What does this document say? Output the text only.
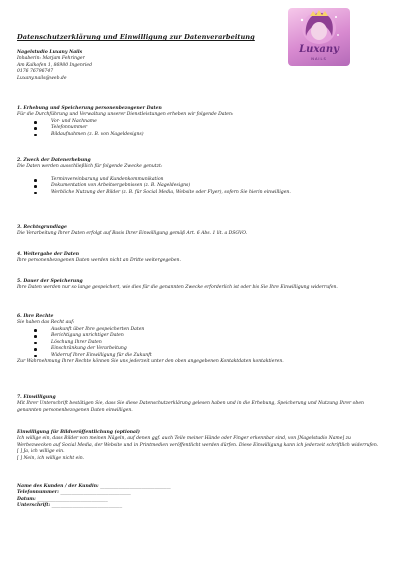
Datenschutzerklärung und Einwilligung zur Datenverarbeitung
Luxany
NAILS

Nagelstudio Luxany Nails

Inhaberin: Marjam Fehringer

Am Kalkofen 1, 86980 Ingenried

0176 76796747

Luxany.nails@web.de

1. Erhebung und Speicherung personenbezogener Daten

Für die Durchführung und Verwaltung unserer Dienstleistungen erheben wir folgende Daten:

Vor- und Nachname

Telefonnummer

Bildaufnahmen (z. B. von Nageldesigns)

2. Zweck der Datenerhebung

Die Daten werden ausschließlich für folgende Zwecke genutzt:

Terminvereinbarung und Kundenkommunikation

Dokumentation von Arbeitsergebnissen (z. B. Nageldesigns)

Werbliche Nutzung der Bilder (z. B. für Social Media, Website oder Flyer), sofern Sie hierin einwilligen.

3. Rechtsgrundlage

Die Verarbeitung Ihrer Daten erfolgt auf Basis Ihrer Einwilligung gemäß Art. 6 Abs. 1 lit. a DSGVO.

4. Weitergabe der Daten

Ihre personenbezogenen Daten werden nicht an Dritte weitergegeben.

5. Dauer der Speicherung

Ihre Daten werden nur so lange gespeichert, wie dies für die genannten Zwecke erforderlich ist oder bis Sie Ihre Einwilligung widerrufen.

6. Ihre Rechte

Sie haben das Recht auf:

Auskunft über Ihre gespeicherten Daten

Berichtigung unrichtiger Daten

Löschung Ihrer Daten

Einschränkung der Verarbeitung

Widerruf Ihrer Einwilligung für die Zukunft

Zur Wahrnehmung Ihrer Rechte können Sie uns jederzeit unter den oben angegebenen Kontaktdaten kontaktieren.

7. Einwilligung

Mit Ihrer Unterschrift bestätigen Sie, dass Sie diese Datenschutzerklärung gelesen haben und in die Erhebung, Speicherung und Nutzung Ihrer oben genannten personenbezogenen Daten einwilligen.

Einwilligung für Bildveröffentlichung (optional)

Ich willige ein, dass Bilder von meinen Nägeln, auf denen ggf. auch Teile meiner Hände oder Finger erkennbar sind, von [Nagelstudio Name] zu Werbezwecken auf Social Media, der Website und in Printmedien veröffentlicht werden dürfen. Diese Einwilligung kann ich jederzeit schriftlich widerrufen.

[ ] Ja, ich willige ein.

[ ] Nein, ich willige nicht ein.

Name des Kunden / der Kundin: _______________________________

Telefonnummer: _______________________________

Datum: _______________________________

Unterschrift: _______________________________
